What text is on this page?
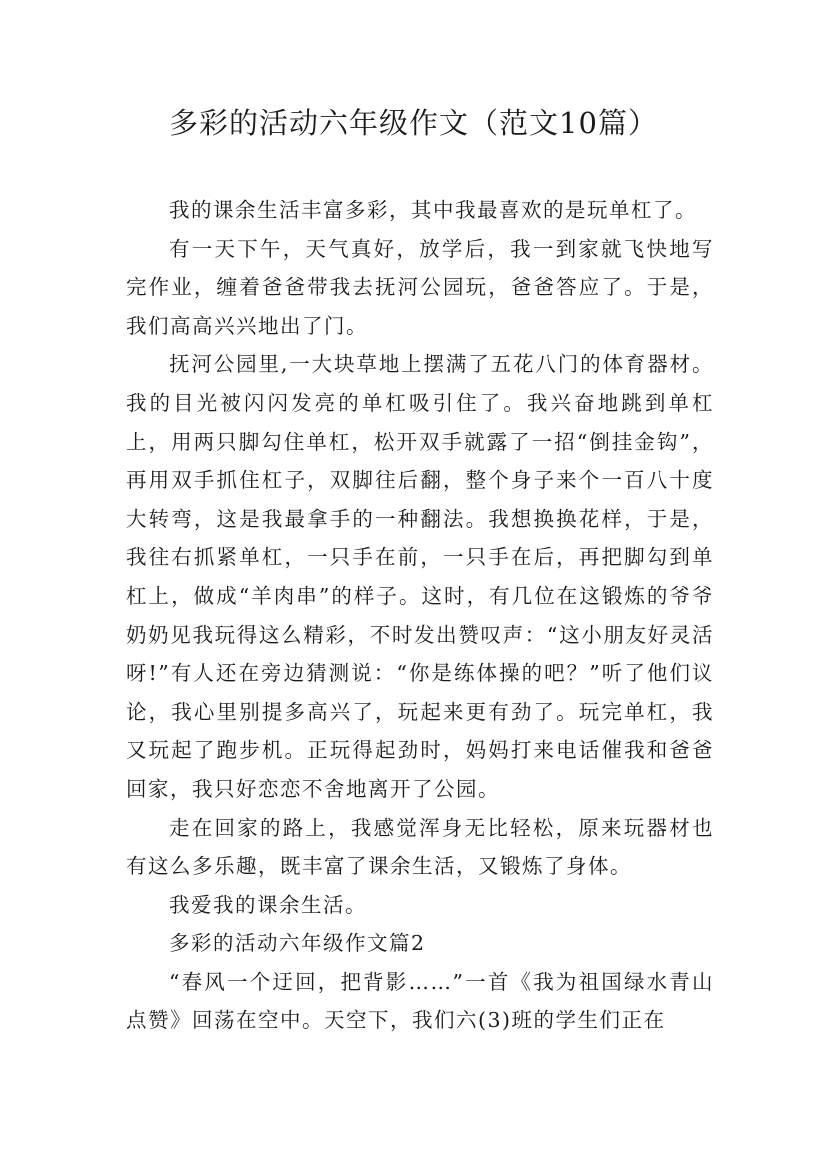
多彩的活动六年级作文（范文10篇）

我的课余生活丰富多彩，其中我最喜欢的是玩单杠了。

有一天下午，天气真好，放学后，我一到家就飞快地写完作业，缠着爸爸带我去抚河公园玩，爸爸答应了。于是，我们高高兴兴地出了门。

抚河公园里,一大块草地上摆满了五花八门的体育器材。我的目光被闪闪发亮的单杠吸引住了。我兴奋地跳到单杠上，用两只脚勾住单杠，松开双手就露了一招“倒挂金钩”，再用双手抓住杠子，双脚往后翻，整个身子来个一百八十度大转弯，这是我最拿手的一种翻法。我想换换花样，于是，我往右抓紧单杠，一只手在前，一只手在后，再把脚勾到单杠上，做成“羊肉串”的样子。这时，有几位在这锻炼的爷爷奶奶见我玩得这么精彩，不时发出赞叹声：“这小朋友好灵活呀!”有人还在旁边猜测说：“你是练体操的吧？”听了他们议论，我心里别提多高兴了，玩起来更有劲了。玩完单杠，我又玩起了跑步机。正玩得起劲时，妈妈打来电话催我和爸爸回家，我只好恋恋不舍地离开了公园。

走在回家的路上，我感觉浑身无比轻松，原来玩器材也有这么多乐趣，既丰富了课余生活，又锻炼了身体。

我爱我的课余生活。

多彩的活动六年级作文篇2

“春风一个迂回，把背影……”一首《我为祖国绿水青山点赞》回荡在空中。天空下，我们六(3)班的学生们正在
